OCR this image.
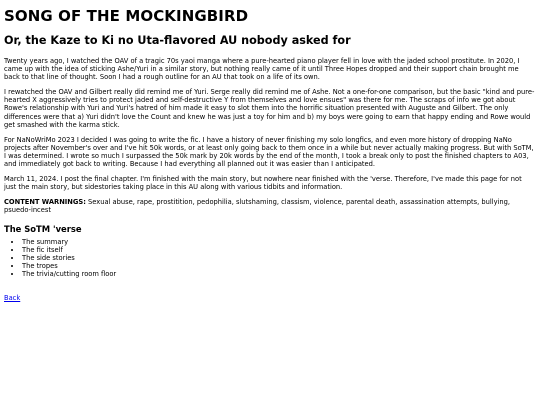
SONG OF THE MOCKINGBIRD
Or, the Kaze to Ki no Uta-flavored AU nobody asked for

Twenty years ago, I watched the OAV of a tragic 70s yaoi manga where a pure-hearted piano player fell in love with the jaded school prostitute. In 2020, I came up with the idea of sticking Ashe/Yuri in a similar story, but nothing really came of it until Three Hopes dropped and their support chain brought me back to that line of thought. Soon I had a rough outline for an AU that took on a life of its own.

I rewatched the OAV and Gilbert really did remind me of Yuri. Serge really did remind me of Ashe. Not a one-for-one comparison, but the basic "kind and pure-hearted X aggressively tries to protect jaded and self-destructive Y from themselves and love ensues" was there for me. The scraps of info we got about Rowe's relationship with Yuri and Yuri's hatred of him made it easy to slot them into the horrific situation presented with Auguste and Gilbert. The only differences were that a) Yuri didn't love the Count and knew he was just a toy for him and b) my boys were going to earn that happy ending and Rowe would get smashed with the karma stick.

For NaNoWriMo 2023 I decided I was going to write the fic. I have a history of never finishing my solo longfics, and even more history of dropping NaNo projects after November's over and I've hit 50k words, or at least only going back to them once in a while but never actually making progress. But with SoTM, I was determined. I wrote so much I surpassed the 50k mark by 20k words by the end of the month, I took a break only to post the finished chapters to A03, and immediately got back to writing. Because I had everything all planned out it was easier than I anticipated.

March 11, 2024. I post the final chapter. I'm finished with the main story, but nowhere near finished with the 'verse. Therefore, I've made this page for not just the main story, but sidestories taking place in this AU along with various tidbits and information.

CONTENT WARNINGS: Sexual abuse, rape, prostitition, pedophilia, slutshaming, classism, violence, parental death, assassination attempts, bullying, psuedo-incest

The SoTM 'verse
• The summary
• The fic itself
• The side stories
• The tropes
• The trivia/cutting room floor
Back
